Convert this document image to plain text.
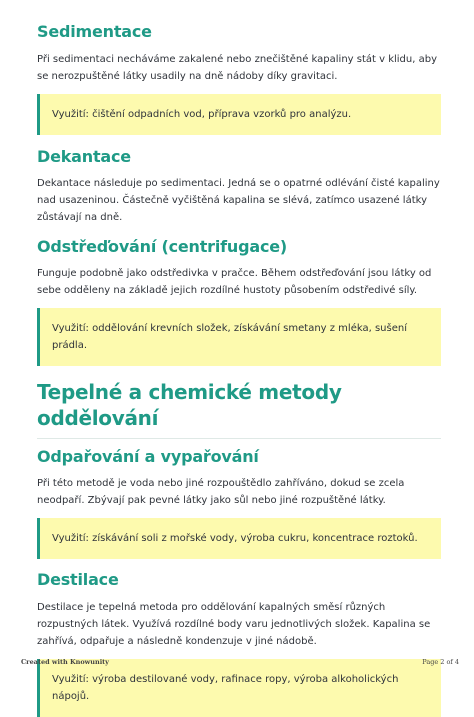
Sedimentace

Při sedimentaci necháváme zakalené nebo znečištěné kapaliny stát v klidu, aby se nerozpuštěné látky usadily na dně nádoby díky gravitaci.

Využití: čištění odpadních vod, příprava vzorků pro analýzu.
Dekantace

Dekantace následuje po sedimentaci. Jedná se o opatrné odlévání čisté kapaliny nad usazeninou. Částečně vyčištěná kapalina se slévá, zatímco usazené látky zůstávají na dně.

Odstřeďování (centrifugace)

Funguje podobně jako odstředivka v pračce. Během odstřeďování jsou látky od sebe odděleny na základě jejich rozdílné hustoty působením odstředivé síly.

Využití: oddělování krevních složek, získávání smetany z mléka, sušení prádla.
Tepelné a chemické metody oddělování
Odpařování a vypařování

Při této metodě je voda nebo jiné rozpouštědlo zahříváno, dokud se zcela neodpaří. Zbývají pak pevné látky jako sůl nebo jiné rozpuštěné látky.

Využití: získávání soli z mořské vody, výroba cukru, koncentrace roztoků.
Destilace

Destilace je tepelná metoda pro oddělování kapalných směsí různých rozpustných látek. Využívá rozdílné body varu jednotlivých složek. Kapalina se zahřívá, odpařuje a následně kondenzuje v jiné nádobě.

Využití: výroba destilované vody, rafinace ropy, výroba alkoholických nápojů.
Created with Knowunity	Page 2 of 4
